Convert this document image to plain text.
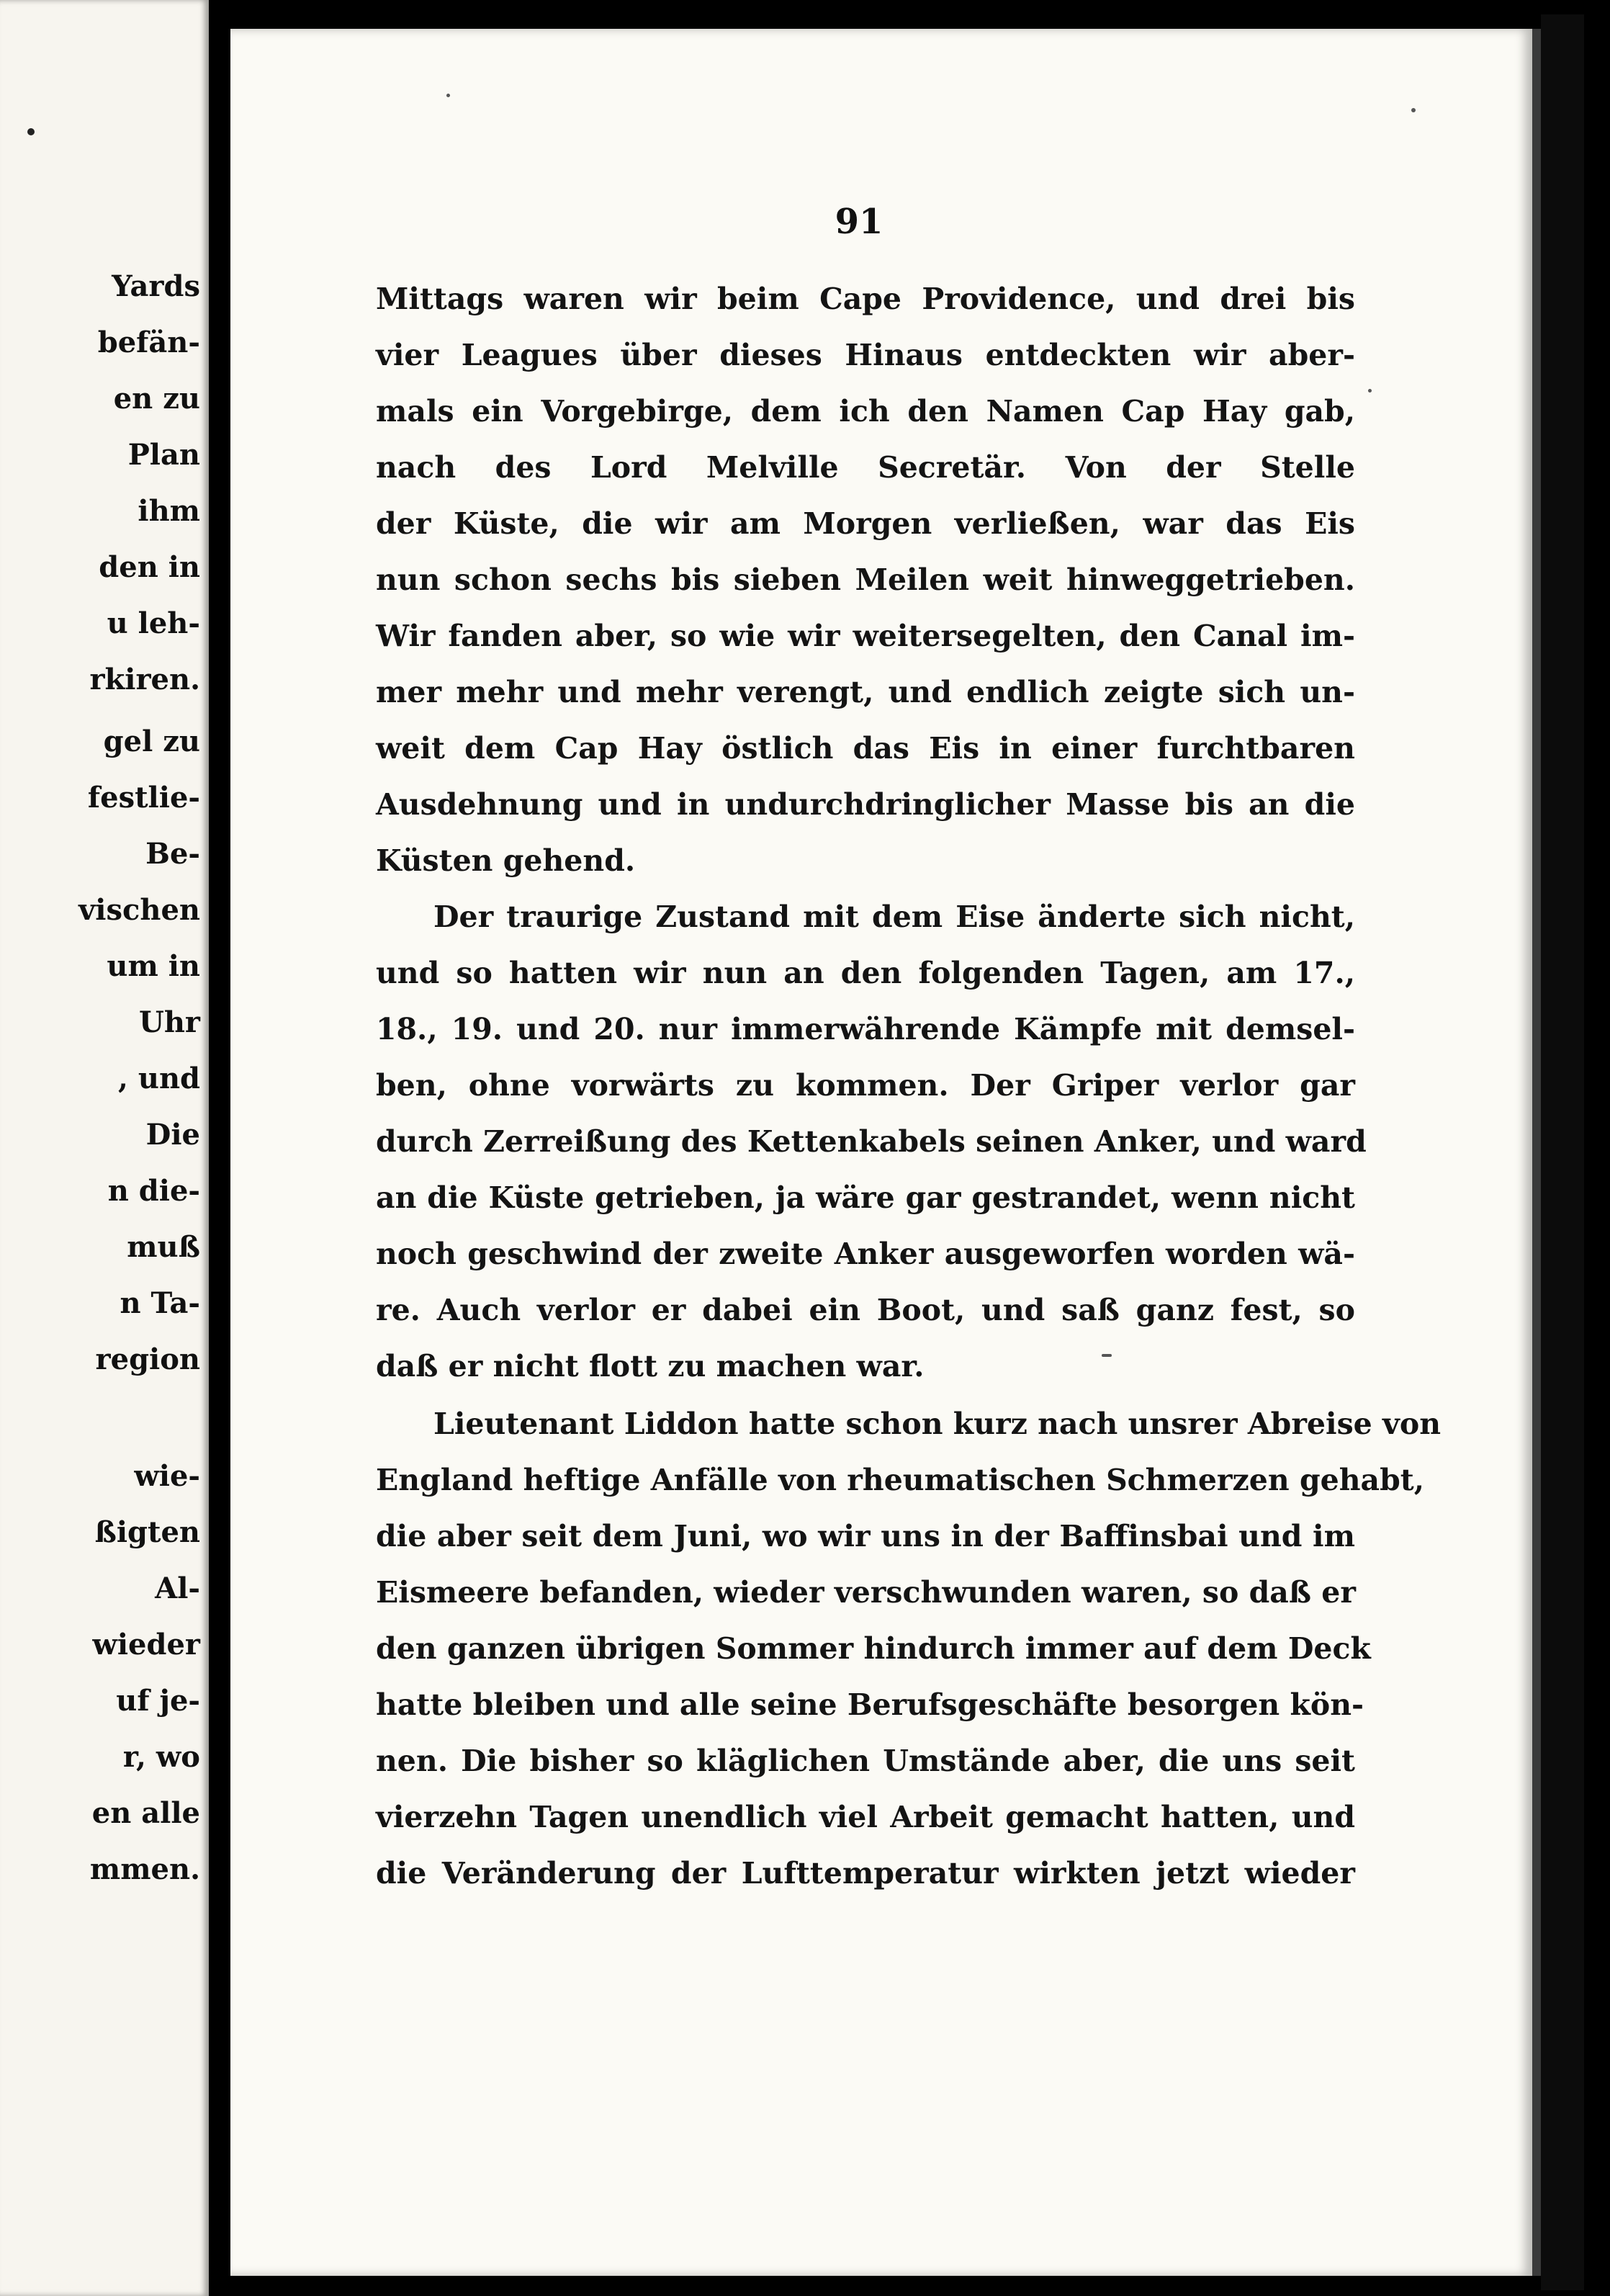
Yards
befän-
en zu
Plan
ihm
den in
u leh-
rkiren.
gel zu
festlie-
Be-
vischen
um in
Uhr
, und
Die
n die-
muß
n Ta-
region
wie-
ßigten
Al-
wieder
uf je-
r, wo
en alle
mmen.
91
Mittags waren wir beim Cape Providence, und drei bis
vier Leagues über dieses Hinaus entdeckten wir aber-
mals ein Vorgebirge, dem ich den Namen Cap Hay gab,
nach des Lord Melville Secretär. Von der Stelle
der Küste, die wir am Morgen verließen, war das Eis
nun schon sechs bis sieben Meilen weit hinweggetrieben.
Wir fanden aber, so wie wir weitersegelten, den Canal im-
mer mehr und mehr verengt, und endlich zeigte sich un-
weit dem Cap Hay östlich das Eis in einer furchtbaren
Ausdehnung und in undurchdringlicher Masse bis an die
Küsten gehend.
Der traurige Zustand mit dem Eise änderte sich nicht,
und so hatten wir nun an den folgenden Tagen, am 17.,
18., 19. und 20. nur immerwährende Kämpfe mit demsel-
ben, ohne vorwärts zu kommen. Der Griper verlor gar
durch Zerreißung des Kettenkabels seinen Anker, und ward
an die Küste getrieben, ja wäre gar gestrandet, wenn nicht
noch geschwind der zweite Anker ausgeworfen worden wä-
re. Auch verlor er dabei ein Boot, und saß ganz fest, so
daß er nicht flott zu machen war.
Lieutenant Liddon hatte schon kurz nach unsrer Abreise von
England heftige Anfälle von rheumatischen Schmerzen gehabt,
die aber seit dem Juni, wo wir uns in der Baffinsbai und im
Eismeere befanden, wieder verschwunden waren, so daß er
den ganzen übrigen Sommer hindurch immer auf dem Deck
hatte bleiben und alle seine Berufsgeschäfte besorgen kön-
nen. Die bisher so kläglichen Umstände aber, die uns seit
vierzehn Tagen unendlich viel Arbeit gemacht hatten, und
die Veränderung der Lufttemperatur wirkten jetzt wieder
